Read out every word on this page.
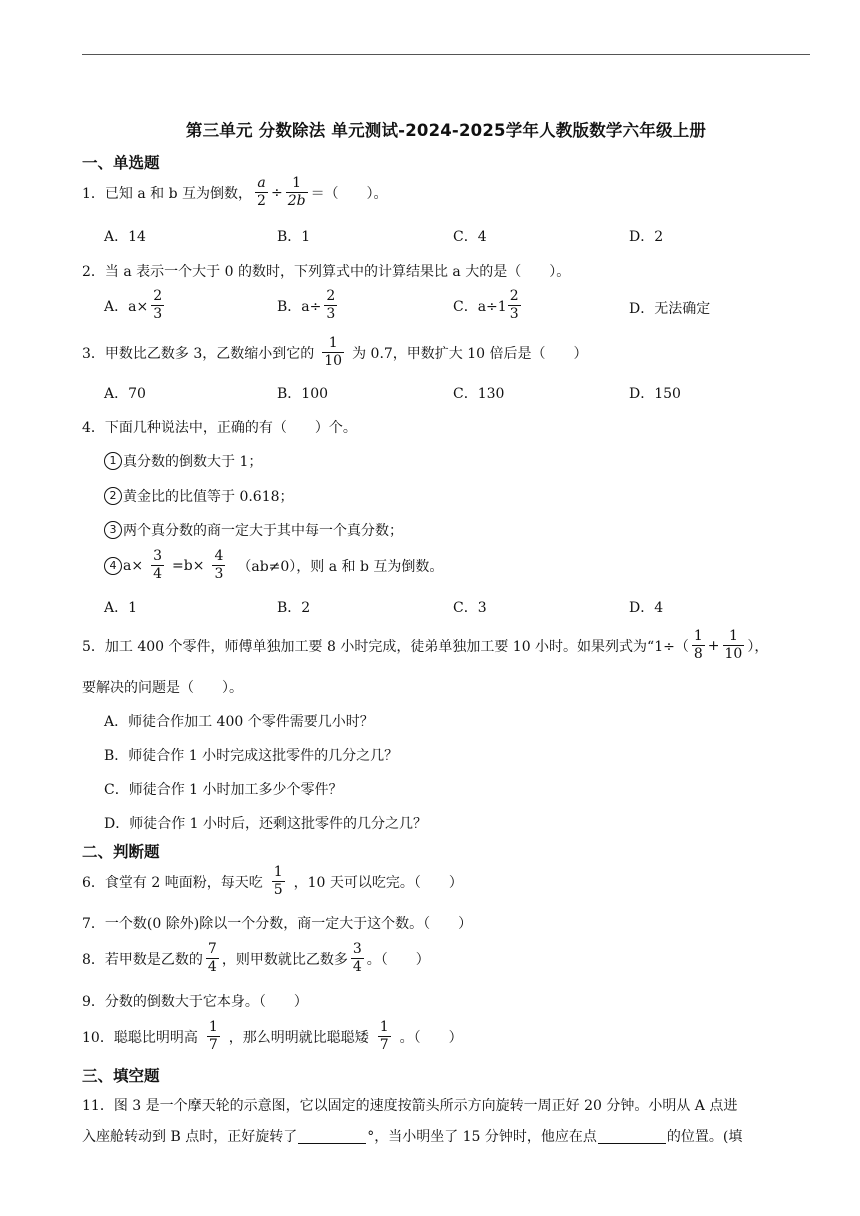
第三单元 分数除法 单元测试-2024-2025学年人教版数学六年级上册
一、单选题
1．已知 a 和 b 互为倒数， $\frac{a}{2} \div \frac{1}{2b}$ ＝（　　）。
A．14	B．1	C．4	D．2
2．当 a 表示一个大于 0 的数时，下列算式中的计算结果比 a 大的是（　　）。
A．$a\times \frac{2}{3}$	B．$a\div \frac{2}{3}$	C．$a\div 1 \frac{2}{3}$	D．无法确定
3．甲数比乙数多 3，乙数缩小到它的 $\frac{1}{10}$ 为 0.7，甲数扩大 10 倍后是（　　）
A．70	B．100	C．130	D．150
4．下面几种说法中，正确的有（　　）个。
1 真分数的倒数大于 1；
2 黄金比的比值等于 0.618；
3 两个真分数的商一定大于其中每一个真分数；
4 $a\times \frac{3}{4} =b\times \frac{4}{3} (ab\ne 0)$，则 a 和 b 互为倒数。
A．1	B．2	C．3	D．4
5．加工 400 个零件，师傅单独加工要 8 小时完成，徒弟单独加工要 10 小时。如果列式为“$1\div( \frac{1}{8} + \frac{1}{10}$ ），
要解决的问题是（　　）。
A．师徒合作加工 400 个零件需要几小时？
B．师徒合作 1 小时完成这批零件的几分之几？
C．师徒合作 1 小时加工多少个零件？
D．师徒合作 1 小时后，还剩这批零件的几分之几？
二、判断题
6．食堂有 2 吨面粉，每天吃 $\frac{1}{5}$ ，10 天可以吃完。（　　）
7．一个数(0 除外)除以一个分数，商一定大于这个数。（　　）
8．若甲数是乙数的 $\frac{7}{4}$ ，则甲数就比乙数多 $\frac{3}{4}$ 。（　　）
9．分数的倒数大于它本身。（　　）
10．聪聪比明明高 $\frac{1}{7}$ ，那么明明就比聪聪矮 $\frac{1}{7}$ 。（　　）
三、填空题
11．图 3 是一个摩天轮的示意图，它以固定的速度按箭头所示方向旋转一周正好 20 分钟。小明从 A 点进
入座舱转动到 B 点时，正好旋转了	°，当小明坐了 15 分钟时，他应在点	的位置。(填
